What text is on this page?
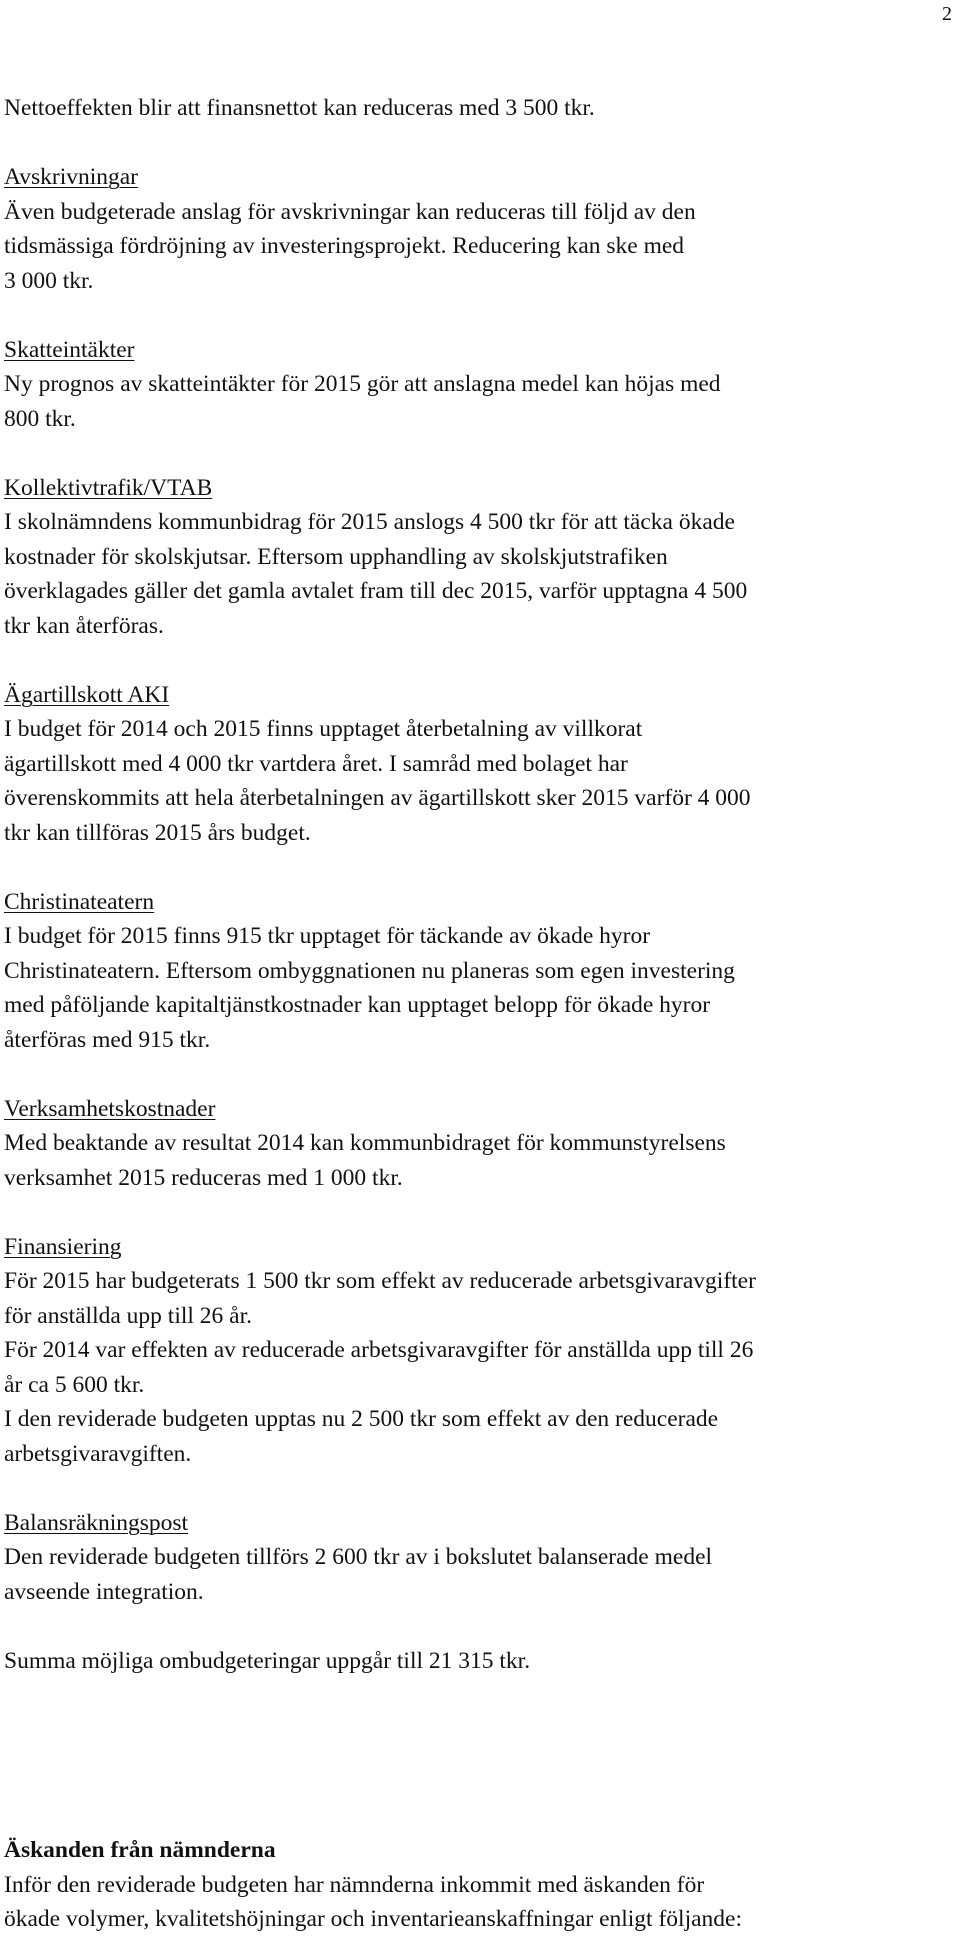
2

Nettoeffekten blir att finansnettot kan reduceras med 3 500 tkr.

Avskrivningar
Även budgeterade anslag för avskrivningar kan reduceras till följd av den
tidsmässiga fördröjning av investeringsprojekt. Reducering kan ske med
3 000 tkr.
Skatteintäkter
Ny prognos av skatteintäkter för 2015 gör att anslagna medel kan höjas med
800 tkr.
Kollektivtrafik/VTAB
I skolnämndens kommunbidrag för 2015 anslogs 4 500 tkr för att täcka ökade
kostnader för skolskjutsar. Eftersom upphandling av skolskjutstrafiken
överklagades gäller det gamla avtalet fram till dec 2015, varför upptagna 4 500
tkr kan återföras.
Ägartillskott AKI
I budget för 2014 och 2015 finns upptaget återbetalning av villkorat
ägartillskott med 4 000 tkr vartdera året. I samråd med bolaget har
överenskommits att hela återbetalningen av ägartillskott sker 2015 varför 4 000
tkr kan tillföras 2015 års budget.
Christinateatern
I budget för 2015 finns 915 tkr upptaget för täckande av ökade hyror
Christinateatern. Eftersom ombyggnationen nu planeras som egen investering
med påföljande kapitaltjänstkostnader kan upptaget belopp för ökade hyror
återföras med 915 tkr.
Verksamhetskostnader
Med beaktande av resultat 2014 kan kommunbidraget för kommunstyrelsens
verksamhet 2015 reduceras med 1 000 tkr.
Finansiering
För 2015 har budgeterats 1 500 tkr som effekt av reducerade arbetsgivaravgifter
för anställda upp till 26 år.
För 2014 var effekten av reducerade arbetsgivaravgifter för anställda upp till 26
år ca 5 600 tkr.
I den reviderade budgeten upptas nu 2 500 tkr som effekt av den reducerade
arbetsgivaravgiften.
Balansräkningspost
Den reviderade budgeten tillförs 2 600 tkr av i bokslutet balanserade medel
avseende integration.

Summa möjliga ombudgeteringar uppgår till 21 315 tkr.

Äskanden från nämnderna
Inför den reviderade budgeten har nämnderna inkommit med äskanden för
ökade volymer, kvalitetshöjningar och inventarieanskaffningar enligt följande:
